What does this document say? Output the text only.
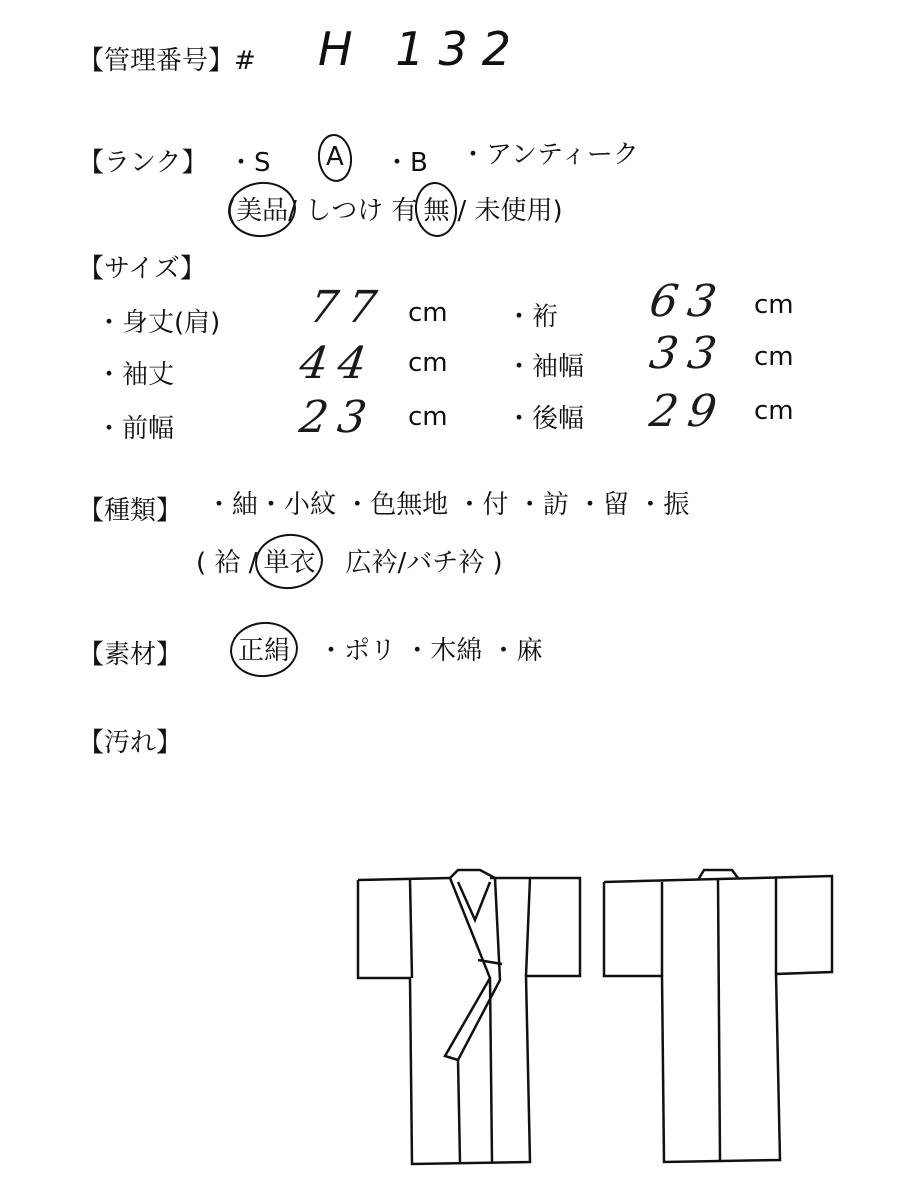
【管理番号】# H 132
【ランク】 ・S A ・B ・アンティーク
(美品/ しつけ 有 無 / 未使用)
【サイズ】
・身丈(肩) 77 cm ・裄 63 cm
・袖丈	44 cm ・袖幅 33 cm
・前幅	23 cm ・後幅 29 cm
【種類】 ・紬・小紋 ・色無地 ・付 ・訪 ・留 ・振
( 袷 / 単衣 広衿/バチ衿 )
【素材】 正絹 ・ポリ ・木綿 ・麻
【汚れ】
